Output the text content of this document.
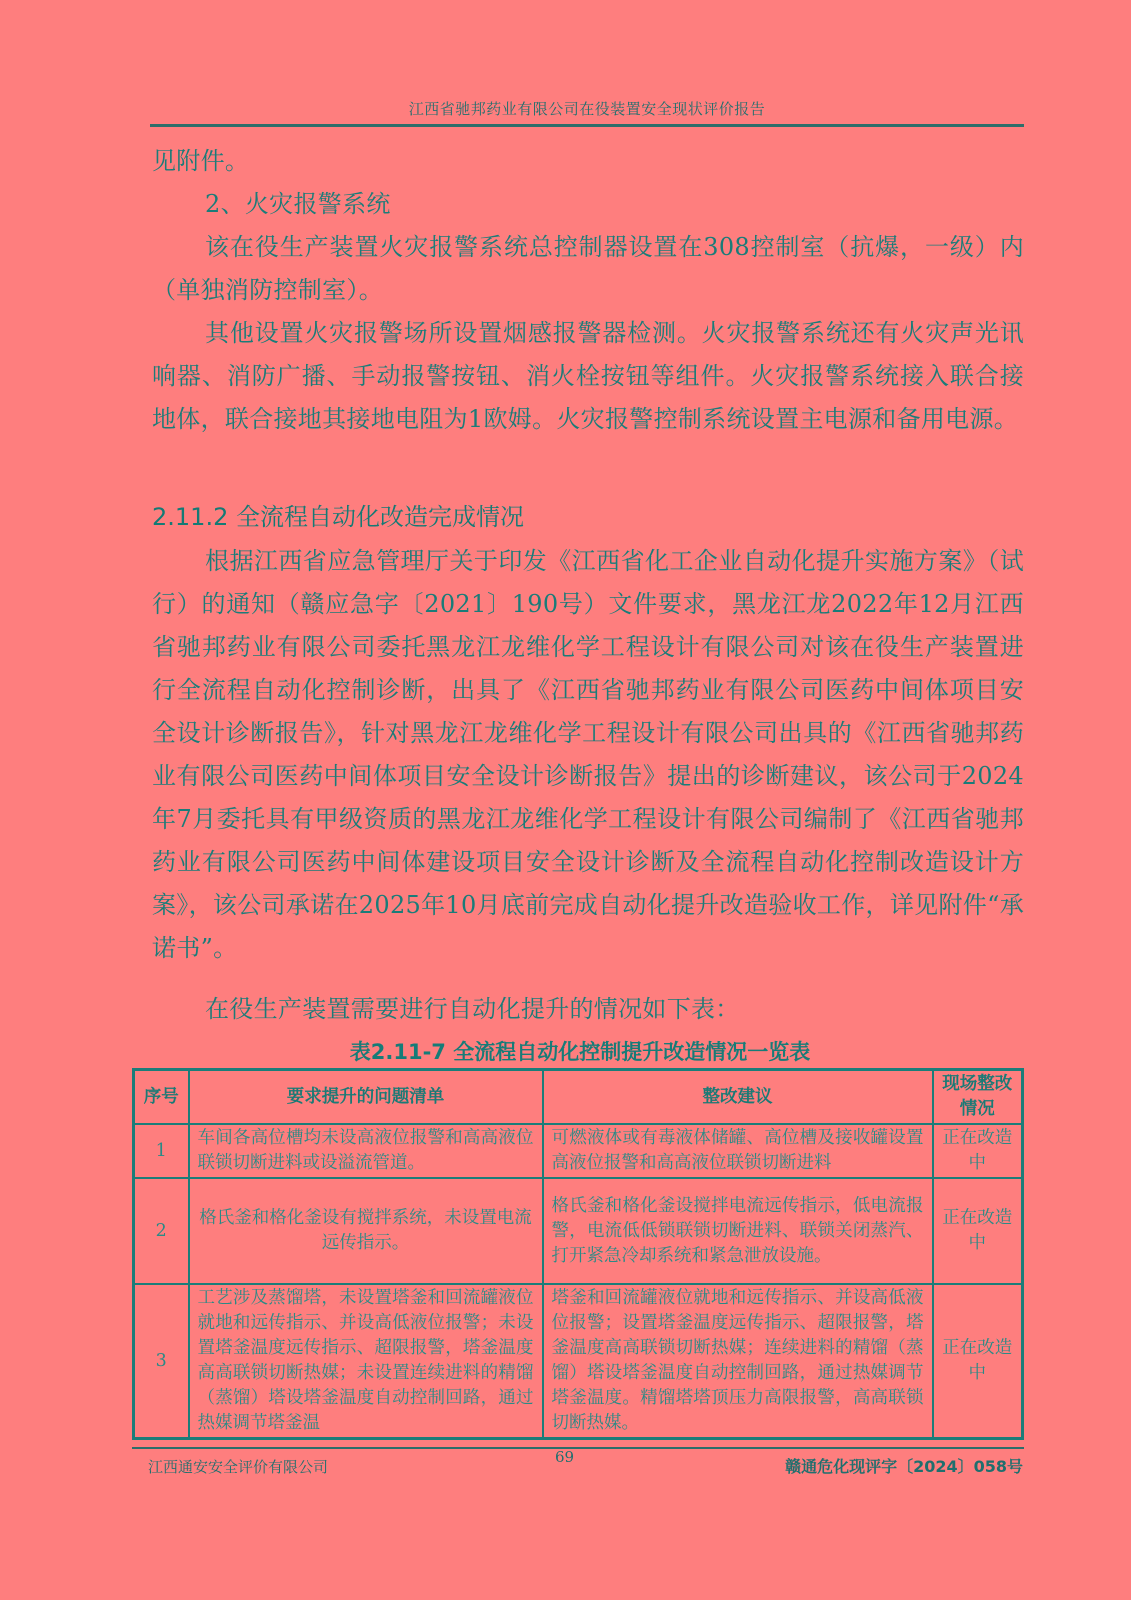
江西省驰邦药业有限公司在役装置安全现状评价报告
见附件。
2、火灾报警系统
该在役生产装置火灾报警系统总控制器设置在308控制室（抗爆，一级）内（单独消防控制室）。
其他设置火灾报警场所设置烟感报警器检测。火灾报警系统还有火灾声光讯响器、消防广播、手动报警按钮、消火栓按钮等组件。火灾报警系统接入联合接地体，联合接地其接地电阻为1欧姆。火灾报警控制系统设置主电源和备用电源。
2.11.2 全流程自动化改造完成情况
根据江西省应急管理厅关于印发《江西省化工企业自动化提升实施方案》（试行）的通知（赣应急字〔2021〕190号）文件要求，黑龙江龙2022年12月江西省驰邦药业有限公司委托黑龙江龙维化学工程设计有限公司对该在役生产装置进行全流程自动化控制诊断，出具了《江西省驰邦药业有限公司医药中间体项目安全设计诊断报告》，针对黑龙江龙维化学工程设计有限公司出具的《江西省驰邦药业有限公司医药中间体项目安全设计诊断报告》提出的诊断建议，该公司于2024年7月委托具有甲级资质的黑龙江龙维化学工程设计有限公司编制了《江西省驰邦药业有限公司医药中间体建设项目安全设计诊断及全流程自动化控制改造设计方案》，该公司承诺在2025年10月底前完成自动化提升改造验收工作，详见附件“承诺书”。
在役生产装置需要进行自动化提升的情况如下表：
表2.11-7 全流程自动化控制提升改造情况一览表
序号	要求提升的问题清单	整改建议	现场整改情况
1	车间各高位槽均未设高液位报警和高高液位联锁切断进料或设溢流管道。	可燃液体或有毒液体储罐、高位槽及接收罐设置高液位报警和高高液位联锁切断进料	正在改造中
2	格氏釜和格化釜设有搅拌系统，未设置电流远传指示。	格氏釜和格化釜设搅拌电流远传指示，低电流报警，电流低低锁联锁切断进料、联锁关闭蒸汽、打开紧急冷却系统和紧急泄放设施。	正在改造中
3	工艺涉及蒸馏塔，未设置塔釜和回流罐液位就地和远传指示、并设高低液位报警；未设置塔釜温度远传指示、超限报警，塔釜温度高高联锁切断热媒；未设置连续进料的精馏（蒸馏）塔设塔釜温度自动控制回路，通过热媒调节塔釜温	塔釜和回流罐液位就地和远传指示、并设高低液位报警；设置塔釜温度远传指示、超限报警，塔釜温度高高联锁切断热媒；连续进料的精馏（蒸馏）塔设塔釜温度自动控制回路，通过热媒调节塔釜温度。精馏塔塔顶压力高限报警，高高联锁切断热媒。	正在改造中
江西通安安全评价有限公司
69	赣通危化现评字〔2024〕058号
